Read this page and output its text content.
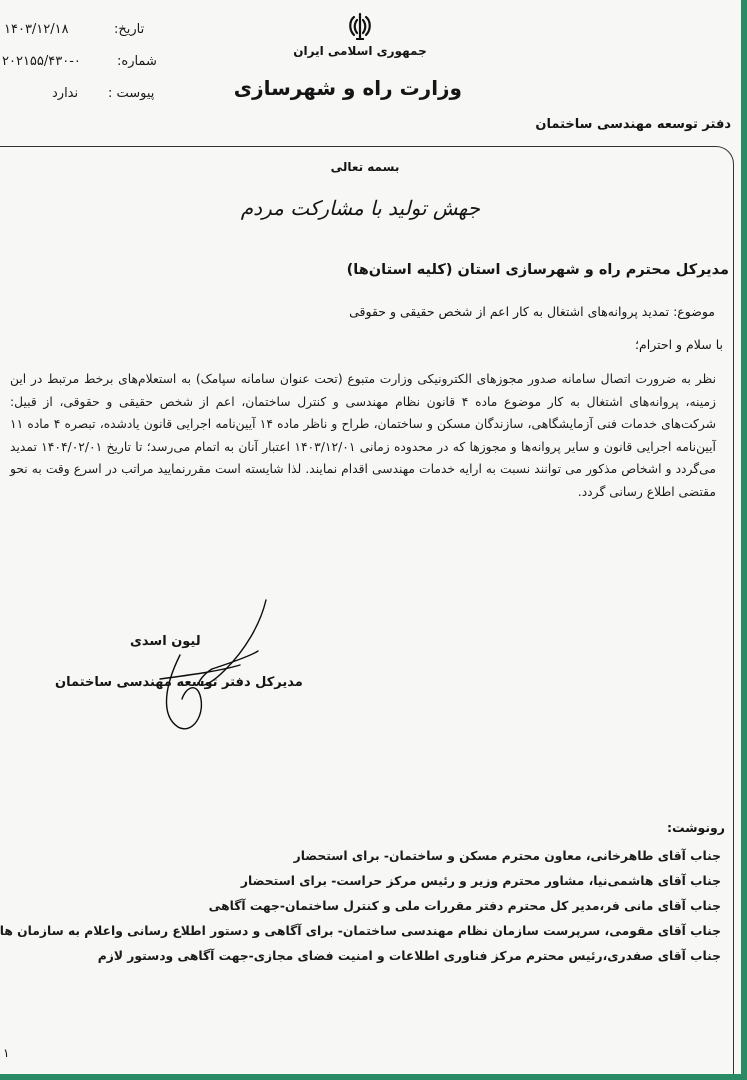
تاریخ:
۱۴۰۳/۱۲/۱۸
شماره:
۲۰۲۱۵۵/۴۳۰-۰
پیوست :
ندارد
جمهوری اسلامی ایران
وزارت راه و شهرسازی
دفتر توسعه مهندسی ساختمان
بسمه تعالی
جهش تولید با مشارکت مردم
مدیرکل محترم راه و شهرسازی استان (کلیه استان‌ها)
موضوع: تمدید پروانه‌های اشتغال به کار اعم از شخص حقیقی و حقوقی
با سلام و احترام؛
نظر به ضرورت اتصال سامانه صدور مجوزهای الکترونیکی وزارت متبوع (تحت عنوان سامانه سپامک) به استعلام‌های برخط مرتبط در این زمینه، پروانه‌های اشتغال به کار موضوع ماده ۴ قانون نظام مهندسی و کنترل ساختمان، اعم از شخص حقیقی و حقوقی، از قبیل: شرکت‌های خدمات فنی آزمایشگاهی، سازندگان مسکن و ساختمان، طراح و ناظر ماده ۱۴ آیین‌نامه اجرایی قانون یادشده، تبصره ۴ ماده ۱۱ آیین‌نامه اجرایی قانون و سایر پروانه‌ها و مجوزها که در محدوده زمانی ۱۴۰۳/۱۲/۰۱ اعتبار آنان به اتمام می‌رسد؛ تا تاریخ ۱۴۰۴/۰۲/۰۱ تمدید می‌گردد و اشخاص مذکور می توانند نسبت به ارایه خدمات مهندسی اقدام نمایند. لذا شایسته است مقررنمایید مراتب در اسرع وقت به نحو مقتضی اطلاع رسانی گردد.
لیون اسدی
مدیرکل دفتر توسعه مهندسی ساختمان
رونوشت:
جناب آقای طاهرخانی، معاون محترم مسکن و ساختمان- برای استحضار
جناب آقای هاشمی‌نیا، مشاور محترم وزیر و رئیس مرکز حراست- برای استحضار
جناب آقای مانی فر،مدیر کل محترم دفتر مقررات ملی و کنترل ساختمان-جهت آگاهی
جناب آقای مقومی، سرپرست سازمان نظام مهندسی ساختمان- برای آگاهی و دستور اطلاع رسانی واعلام به سازمان ها
جناب آقای صفدری،رئیس محترم مرکز فناوری اطلاعات و امنیت فضای مجازی-جهت آگاهی ودستور لازم
۱
